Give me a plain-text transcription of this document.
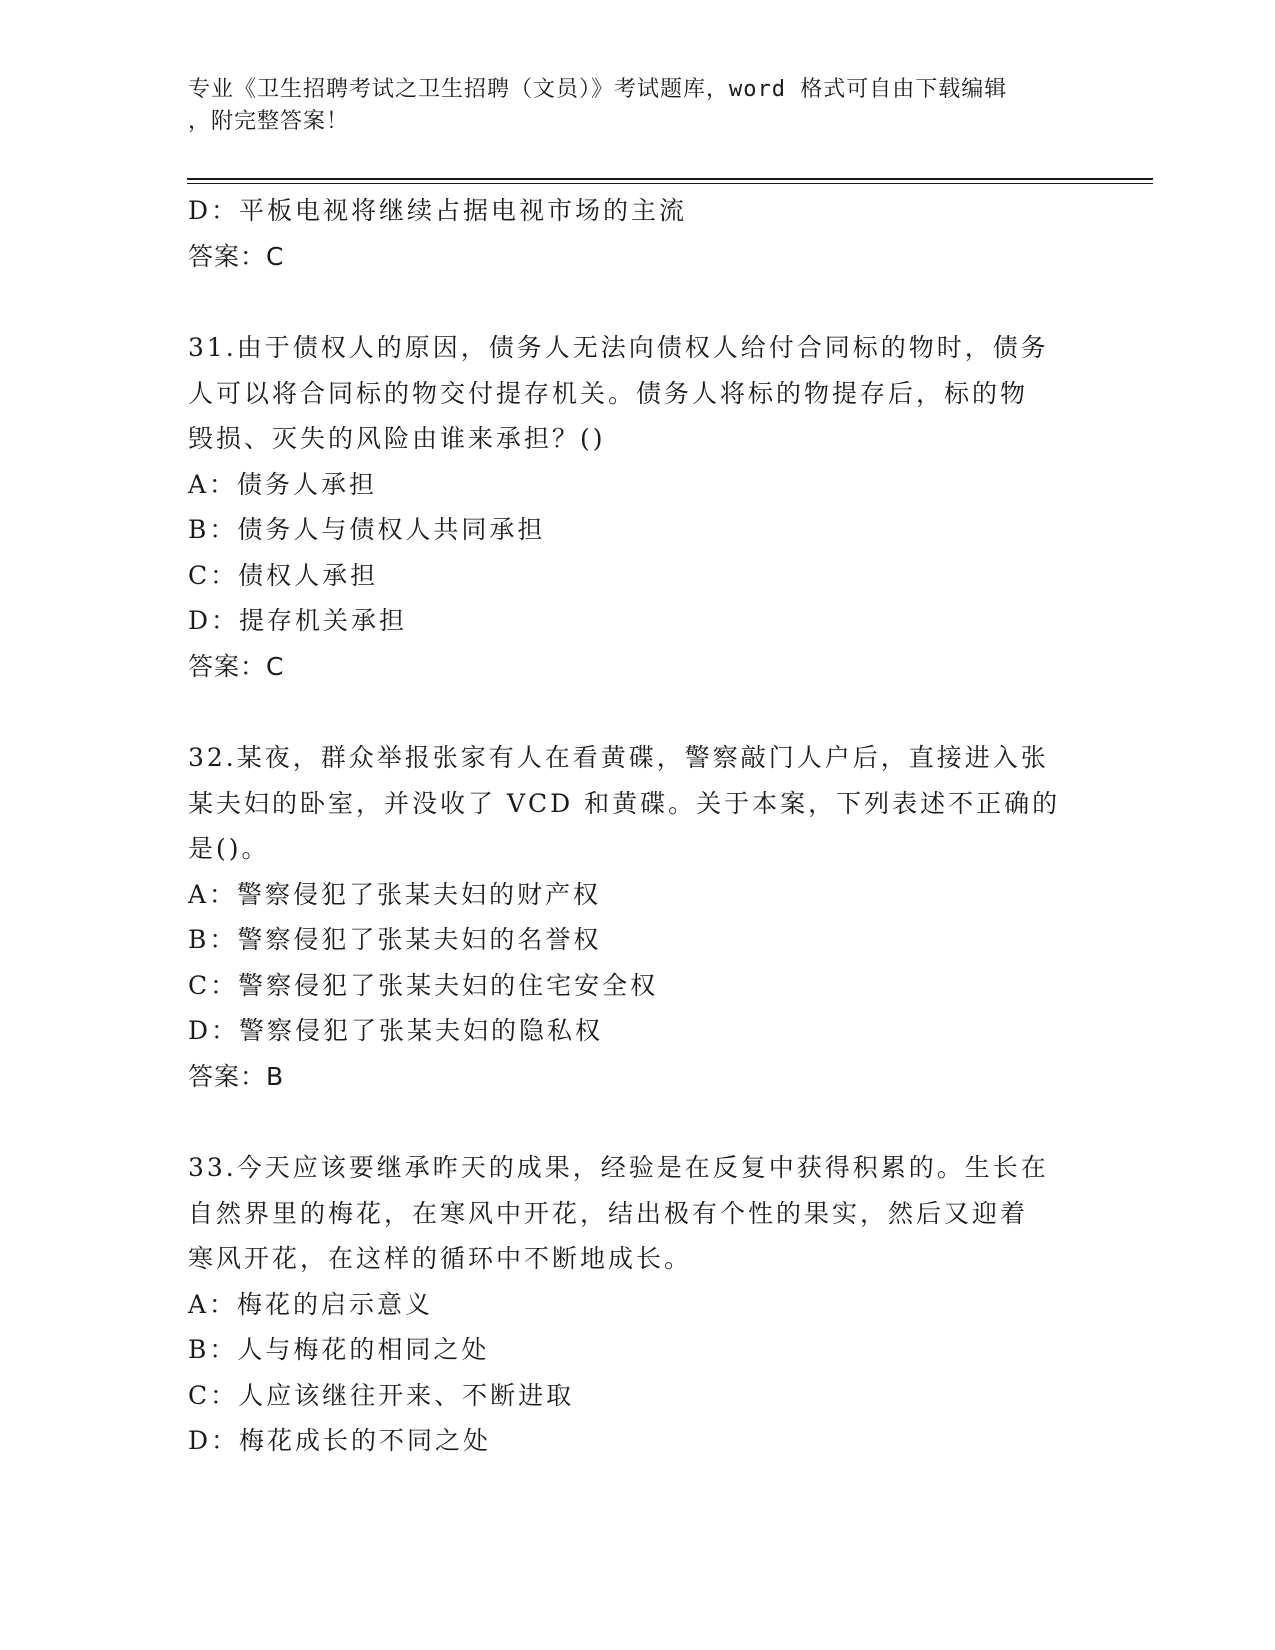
专业《卫生招聘考试之卫生招聘（文员）》考试题库，word 格式可自由下载编辑
，附完整答案！
D：平板电视将继续占据电视市场的主流
答案：C
31.由于债权人的原因，债务人无法向债权人给付合同标的物时，债务
人可以将合同标的物交付提存机关。债务人将标的物提存后，标的物
毁损、灭失的风险由谁来承担？()
A：债务人承担
B：债务人与债权人共同承担
C：债权人承担
D：提存机关承担
答案：C
32.某夜，群众举报张家有人在看黄碟，警察敲门人户后，直接进入张
某夫妇的卧室，并没收了 VCD 和黄碟。关于本案，下列表述不正确的
是()。
A：警察侵犯了张某夫妇的财产权
B：警察侵犯了张某夫妇的名誉权
C：警察侵犯了张某夫妇的住宅安全权
D：警察侵犯了张某夫妇的隐私权
答案：B
33.今天应该要继承昨天的成果，经验是在反复中获得积累的。生长在
自然界里的梅花，在寒风中开花，结出极有个性的果实，然后又迎着
寒风开花，在这样的循环中不断地成长。
A：梅花的启示意义
B：人与梅花的相同之处
C：人应该继往开来、不断进取
D：梅花成长的不同之处
